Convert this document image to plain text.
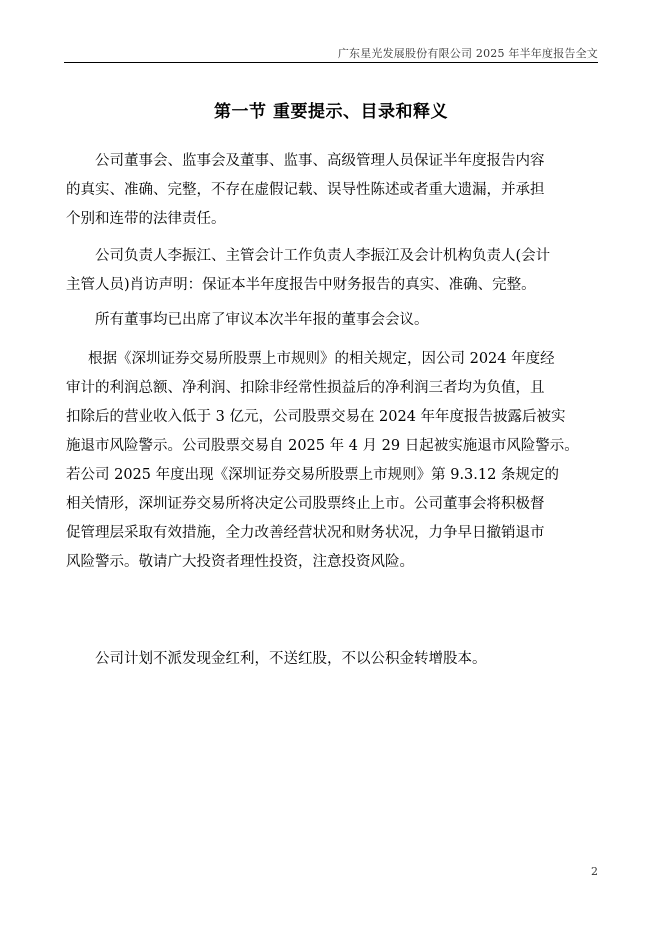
广东星光发展股份有限公司 2025 年半年度报告全文
第一节 重要提示、目录和释义

公司董事会、监事会及董事、监事、高级管理人员保证半年度报告内容
的真实、准确、完整，不存在虚假记载、误导性陈述或者重大遗漏，并承担
个别和连带的法律责任。

公司负责人李振江、主管会计工作负责人李振江及会计机构负责人(会计
主管人员)肖访声明：保证本半年度报告中财务报告的真实、准确、完整。

所有董事均已出席了审议本次半年报的董事会会议。

根据《深圳证券交易所股票上市规则》的相关规定，因公司 2024 年度经
审计的利润总额、净利润、扣除非经常性损益后的净利润三者均为负值，且
扣除后的营业收入低于 3 亿元，公司股票交易在 2024 年年度报告披露后被实
施退市风险警示。公司股票交易自 2025 年 4 月 29 日起被实施退市风险警示。
若公司 2025 年度出现《深圳证券交易所股票上市规则》第 9.3.12 条规定的
相关情形，深圳证券交易所将决定公司股票终止上市。公司董事会将积极督
促管理层采取有效措施，全力改善经营状况和财务状况，力争早日撤销退市
风险警示。敬请广大投资者理性投资，注意投资风险。

公司计划不派发现金红利，不送红股，不以公积金转增股本。

2
